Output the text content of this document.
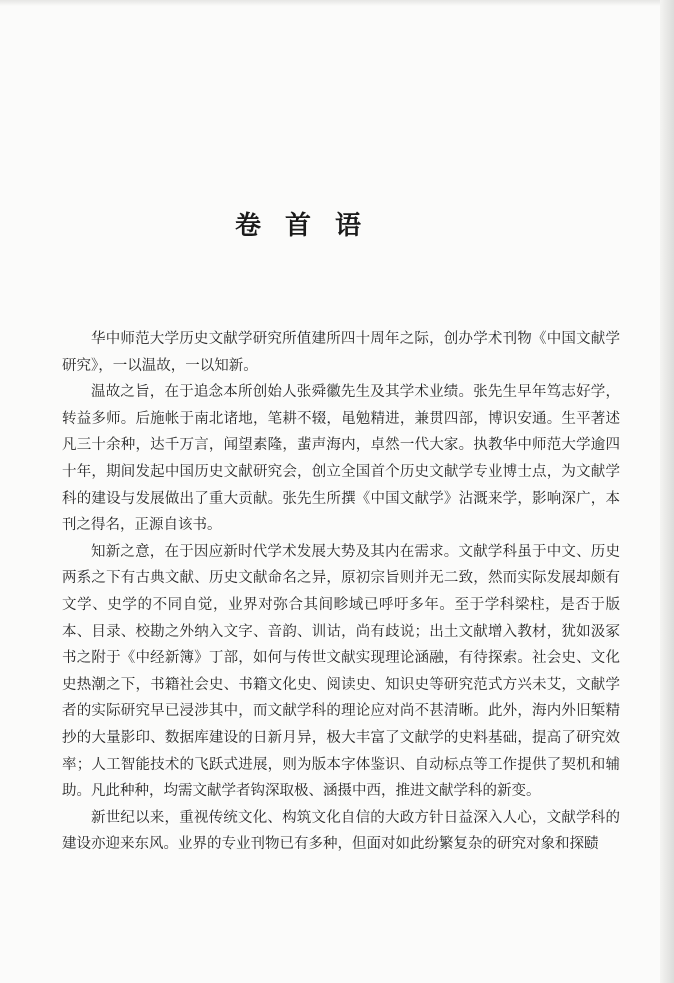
卷首语

华中师范大学历史文献学研究所值建所四十周年之际，创办学术刊物《中国文献学研究》，一以温故，一以知新。

温故之旨，在于追念本所创始人张舜徽先生及其学术业绩。张先生早年笃志好学，转益多师。后施帐于南北诸地，笔耕不辍，黾勉精进，兼贯四部，博识安通。生平著述凡三十余种，达千万言，闻望素隆，蜚声海内，卓然一代大家。执教华中师范大学逾四十年，期间发起中国历史文献研究会，创立全国首个历史文献学专业博士点，为文献学科的建设与发展做出了重大贡献。张先生所撰《中国文献学》沾溉来学，影响深广，本刊之得名，正源自该书。

知新之意，在于因应新时代学术发展大势及其内在需求。文献学科虽于中文、历史两系之下有古典文献、历史文献命名之异，原初宗旨则并无二致，然而实际发展却颇有文学、史学的不同自觉，业界对弥合其间畛域已呼吁多年。至于学科梁柱，是否于版本、目录、校勘之外纳入文字、音韵、训诂，尚有歧说；出土文献增入教材，犹如汲冢书之附于《中经新簿》丁部，如何与传世文献实现理论涵融，有待探索。社会史、文化史热潮之下，书籍社会史、书籍文化史、阅读史、知识史等研究范式方兴未艾，文献学者的实际研究早已浸涉其中，而文献学科的理论应对尚不甚清晰。此外，海内外旧椠精抄的大量影印、数据库建设的日新月异，极大丰富了文献学的史料基础，提高了研究效率；人工智能技术的飞跃式进展，则为版本字体鉴识、自动标点等工作提供了契机和辅助。凡此种种，均需文献学者钩深取极、涵摄中西，推进文献学科的新变。

新世纪以来，重视传统文化、构筑文化自信的大政方针日益深入人心，文献学科的建设亦迎来东风。业界的专业刊物已有多种，但面对如此纷繁复杂的研究对象和探赜
